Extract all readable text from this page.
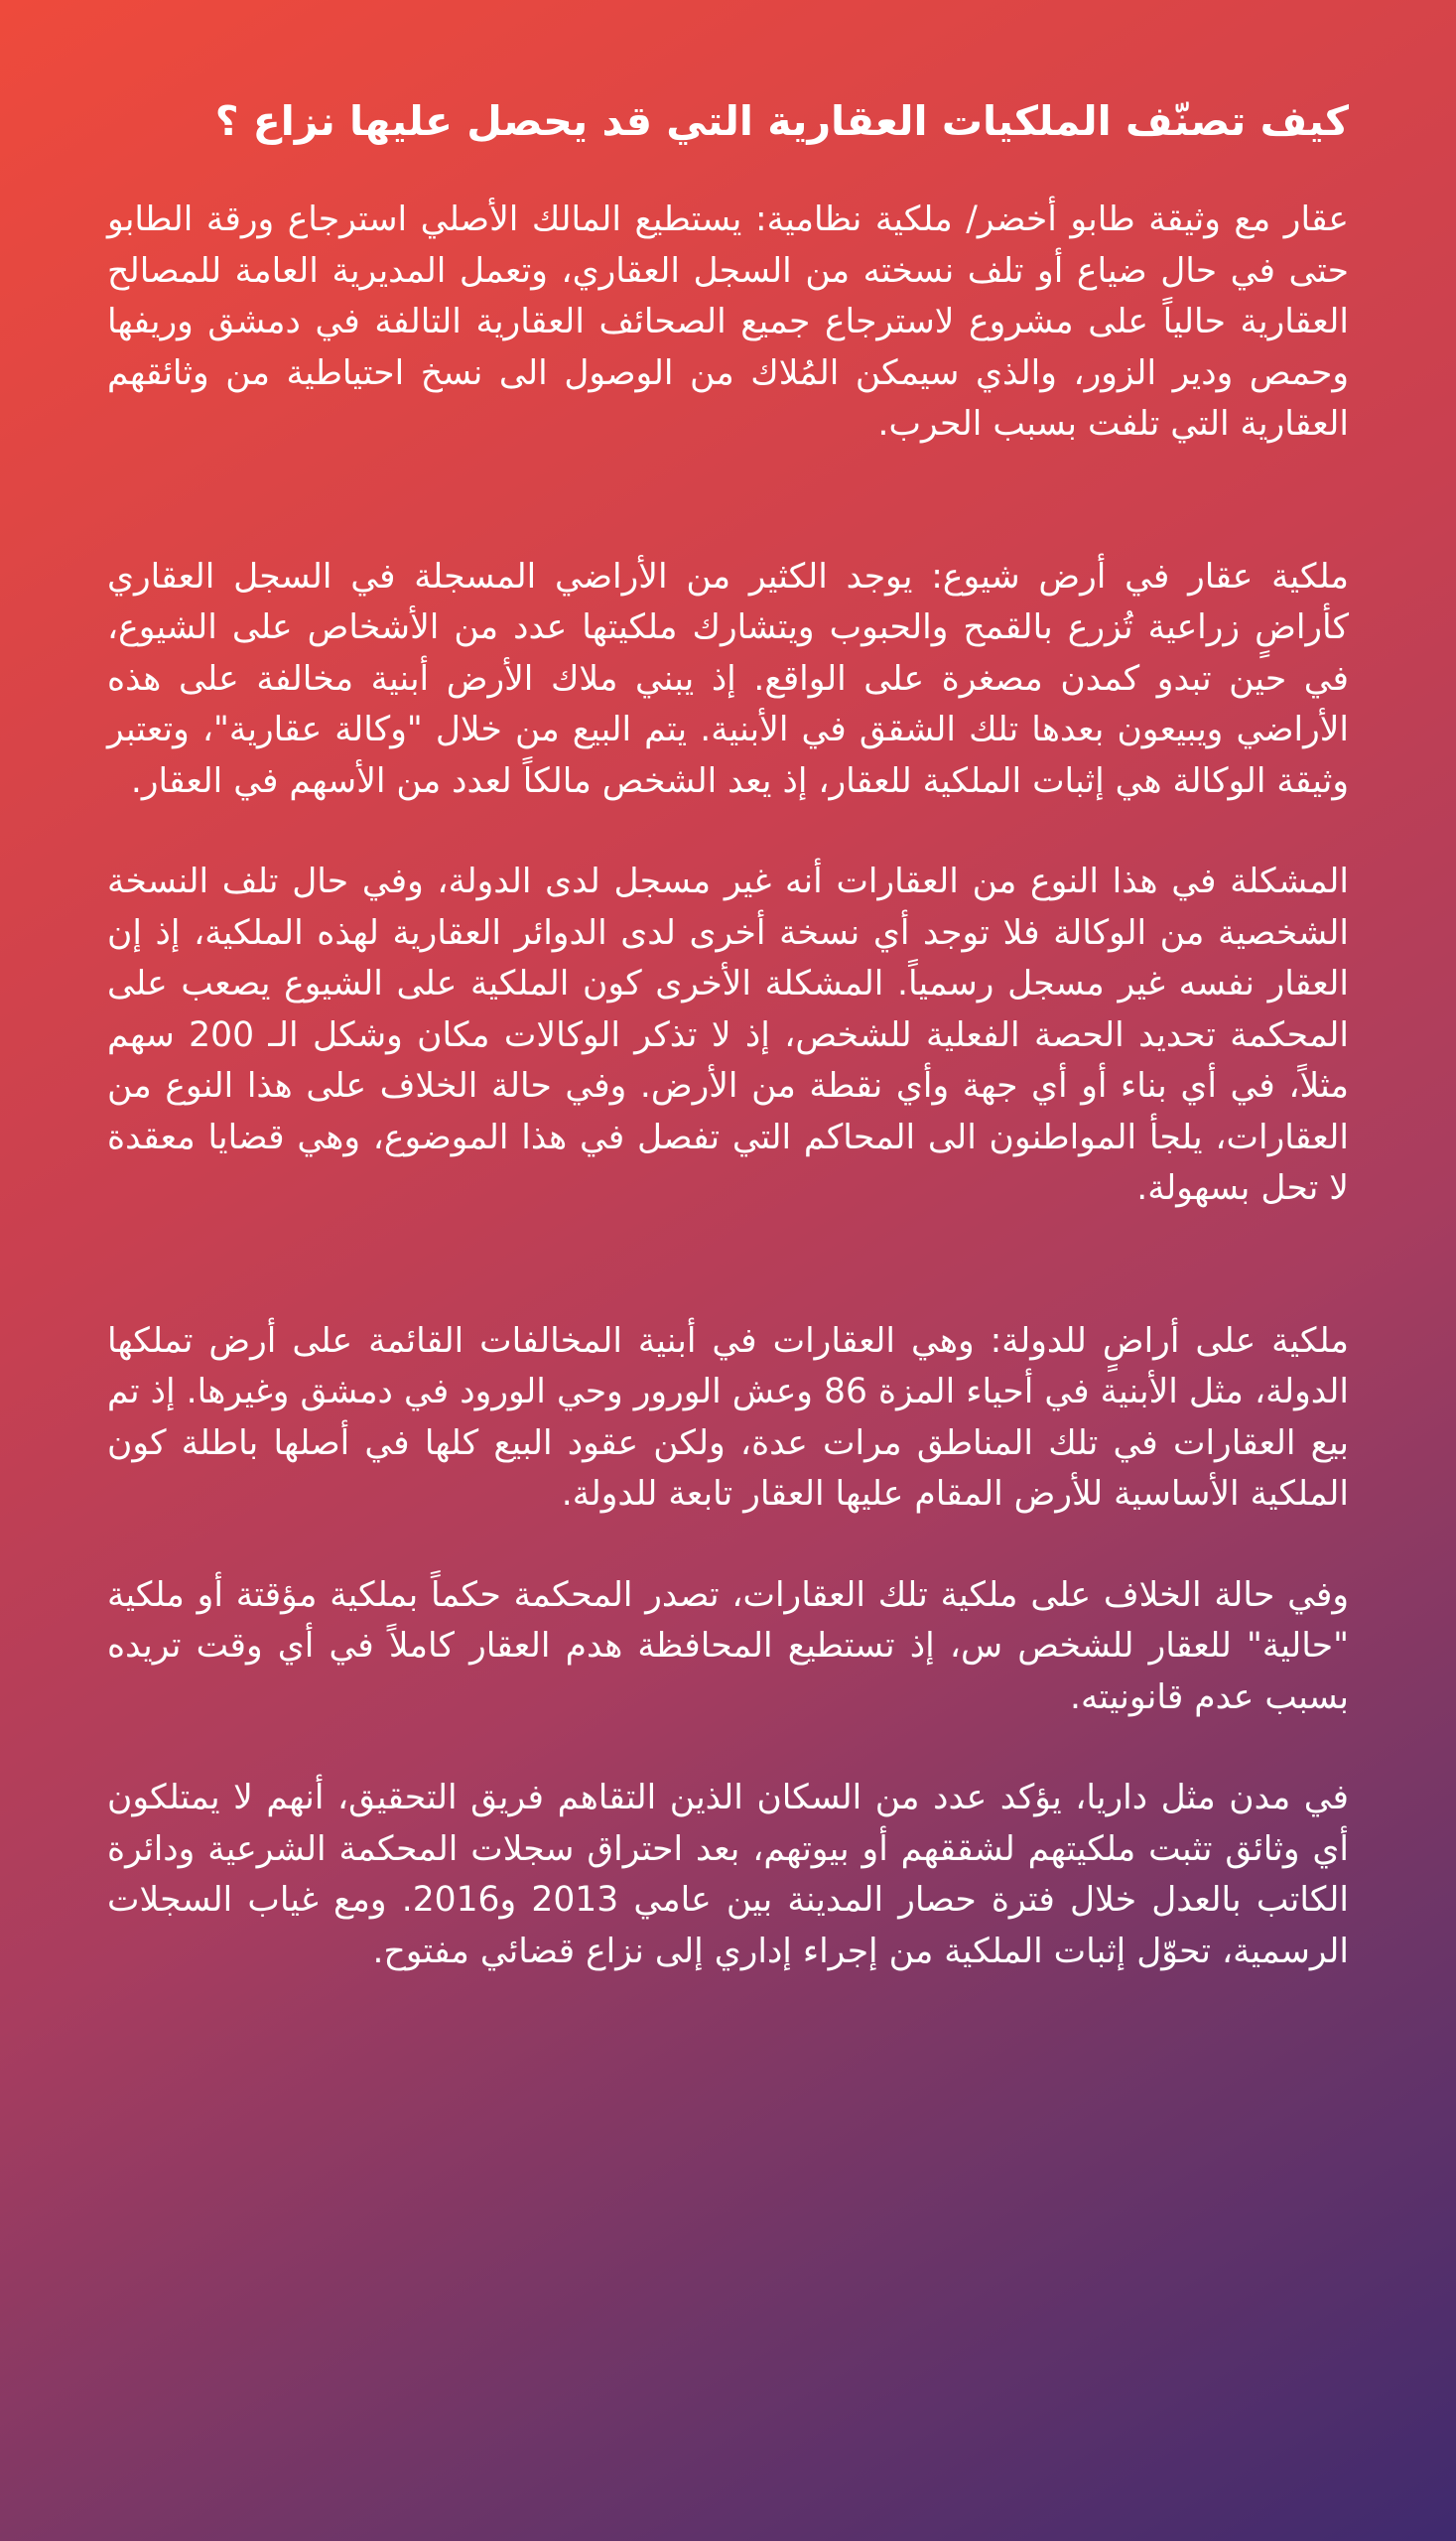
كيف تصنّف الملكيات العقارية التي قد يحصل عليها نزاع ؟

عقار مع وثيقة طابو أخضر/ ملكية نظامية: يستطيع المالك الأصلي استرجاع ورقة الطابو حتى في حال ضياع أو تلف نسخته من السجل العقاري، وتعمل المديرية العامة للمصالح العقارية حالياً على مشروع لاسترجاع جميع الصحائف العقارية التالفة في دمشق وريفها وحمص ودير الزور، والذي سيمكن المُلاك من الوصول الى نسخ احتياطية من وثائقهم العقارية التي تلفت بسبب الحرب.

ملكية عقار في أرض شيوع: يوجد الكثير من الأراضي المسجلة في السجل العقاري كأراضٍ زراعية تُزرع بالقمح والحبوب ويتشارك ملكيتها عدد من الأشخاص على الشيوع، في حين تبدو كمدن مصغرة على الواقع. إذ يبني ملاك الأرض أبنية مخالفة على هذه الأراضي ويبيعون بعدها تلك الشقق في الأبنية. يتم البيع من خلال "وكالة عقارية"، وتعتبر وثيقة الوكالة هي إثبات الملكية للعقار، إذ يعد الشخص مالكاً لعدد من الأسهم في العقار.

المشكلة في هذا النوع من العقارات أنه غير مسجل لدى الدولة، وفي حال تلف النسخة الشخصية من الوكالة فلا توجد أي نسخة أخرى لدى الدوائر العقارية لهذه الملكية، إذ إن العقار نفسه غير مسجل رسمياً. المشكلة الأخرى كون الملكية على الشيوع يصعب على المحكمة تحديد الحصة الفعلية للشخص، إذ لا تذكر الوكالات مكان وشكل الـ 200 سهم مثلاً، في أي بناء أو أي جهة وأي نقطة من الأرض. وفي حالة الخلاف على هذا النوع من العقارات، يلجأ المواطنون الى المحاكم التي تفصل في هذا الموضوع، وهي قضايا معقدة لا تحل بسهولة.

ملكية على أراضٍ للدولة: وهي العقارات في أبنية المخالفات القائمة على أرض تملكها الدولة، مثل الأبنية في أحياء المزة 86 وعش الورور وحي الورود في دمشق وغيرها. إذ تم بيع العقارات في تلك المناطق مرات عدة، ولكن عقود البيع كلها في أصلها باطلة كون الملكية الأساسية للأرض المقام عليها العقار تابعة للدولة.

وفي حالة الخلاف على ملكية تلك العقارات، تصدر المحكمة حكماً بملكية مؤقتة أو ملكية "حالية" للعقار للشخص س، إذ تستطيع المحافظة هدم العقار كاملاً في أي وقت تريده بسبب عدم قانونيته.

في مدن مثل داريا، يؤكد عدد من السكان الذين التقاهم فريق التحقيق، أنهم لا يمتلكون أي وثائق تثبت ملكيتهم لشققهم أو بيوتهم، بعد احتراق سجلات المحكمة الشرعية ودائرة الكاتب بالعدل خلال فترة حصار المدينة بين عامي 2013 و2016. ومع غياب السجلات الرسمية، تحوّل إثبات الملكية من إجراء إداري إلى نزاع قضائي مفتوح.
